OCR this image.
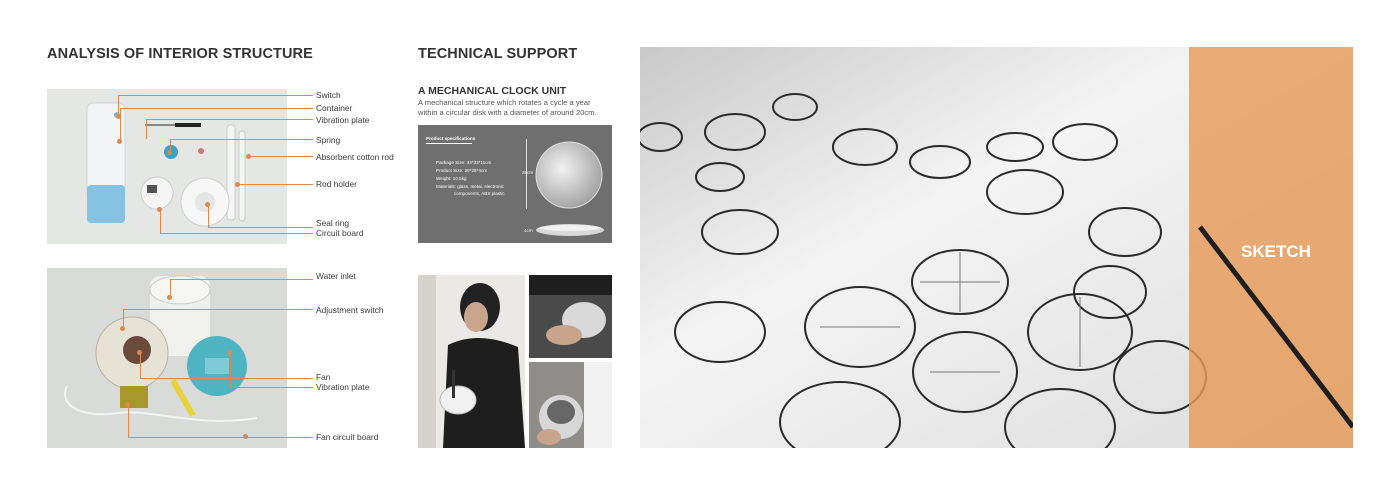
ANALYSIS OF INTERIOR STRUCTURE
Switch
Container
Vibration plate
Spring
Absorbent cotton rod
Rod holder
Seal ring
Circuit board
Water inlet
Adjustment switch
Fan
Vibration plate
Fan circuit board
TECHNICAL SUPPORT
A MECHANICAL CLOCK UNIT
A mechanical structure which rotates a cycle a year
within a circular disk with a diameter of around 20cm.
Product specifications
Package Size: 33*33*11cm
Product Size: 28*28*4cm
Weight: 10.5kg
Materials: glass, metal, electronic
components, ABS plastic
28cm
4cm
SKETCH
